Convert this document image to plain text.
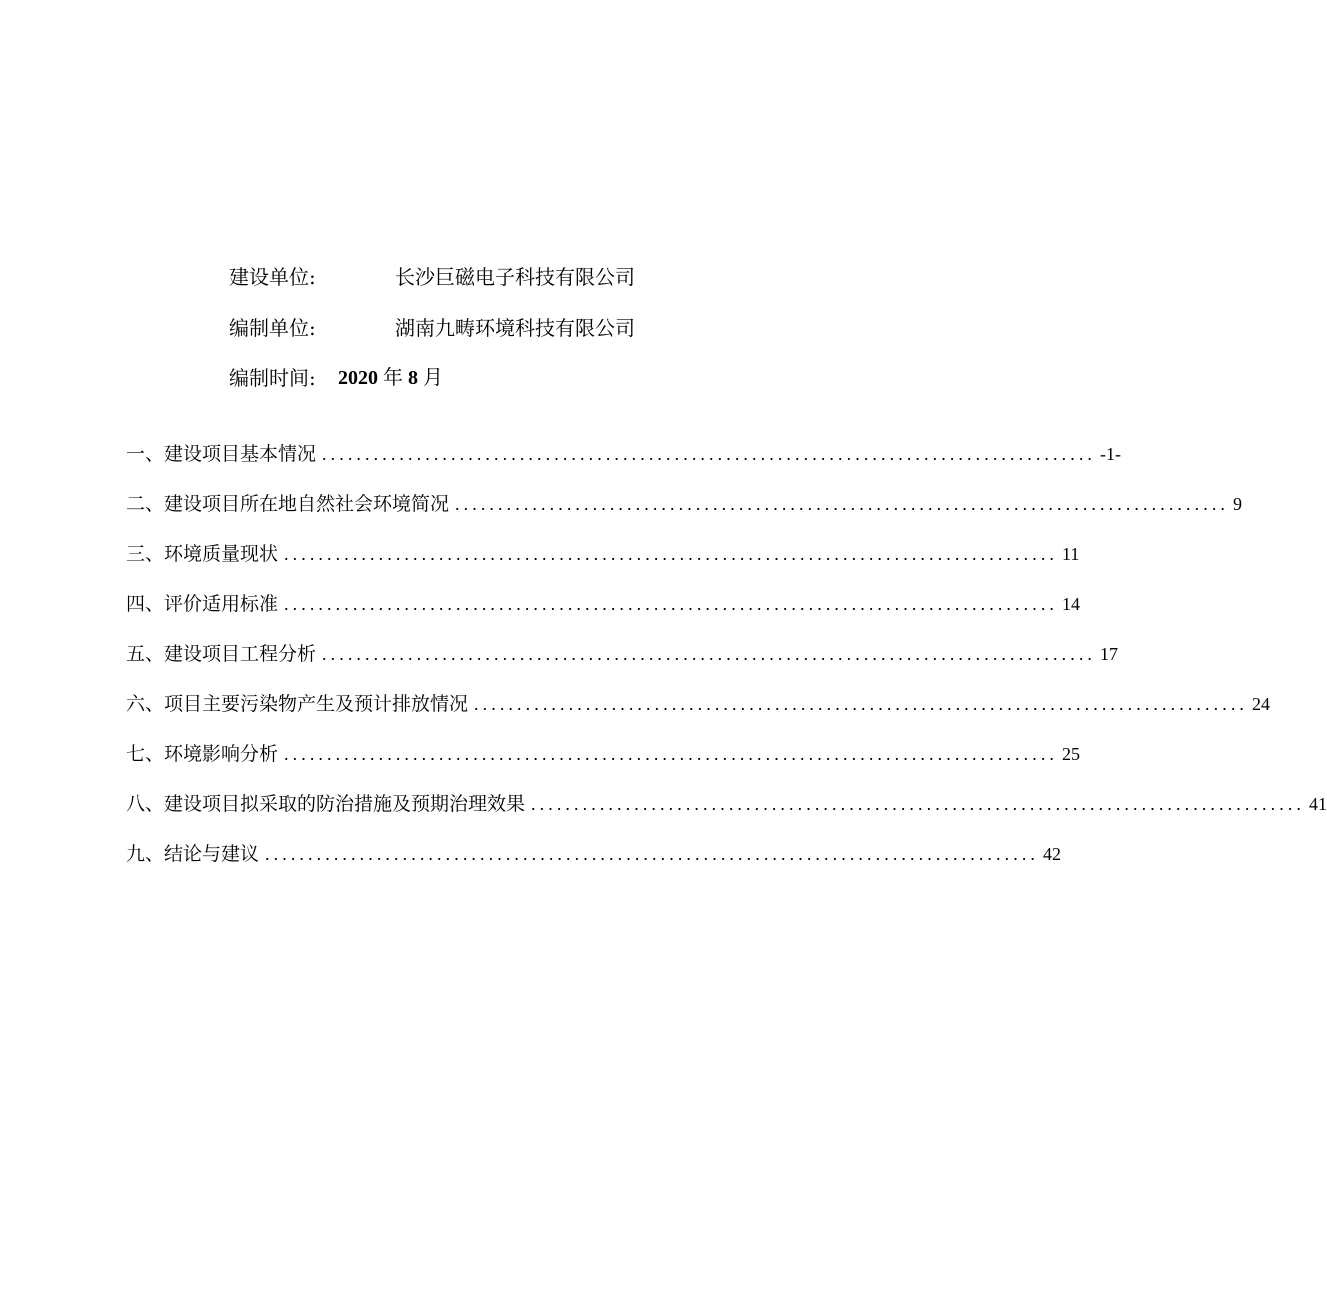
建设单位:	长沙巨磁电子科技有限公司
编制单位:	湖南九畴环境科技有限公司
编制时间: 2020 年 8 月
一、建设项目基本情况 .......................................................................................... -1-
二、建设项目所在地自然社会环境简况 .......................................................................................... 9
三、环境质量现状 .......................................................................................... 11
四、评价适用标准 .......................................................................................... 14
五、建设项目工程分析 .......................................................................................... 17
六、项目主要污染物产生及预计排放情况 .......................................................................................... 24
七、环境影响分析 .......................................................................................... 25
八、建设项目拟采取的防治措施及预期治理效果 .......................................................................................... 41
九、结论与建议 .......................................................................................... 42
